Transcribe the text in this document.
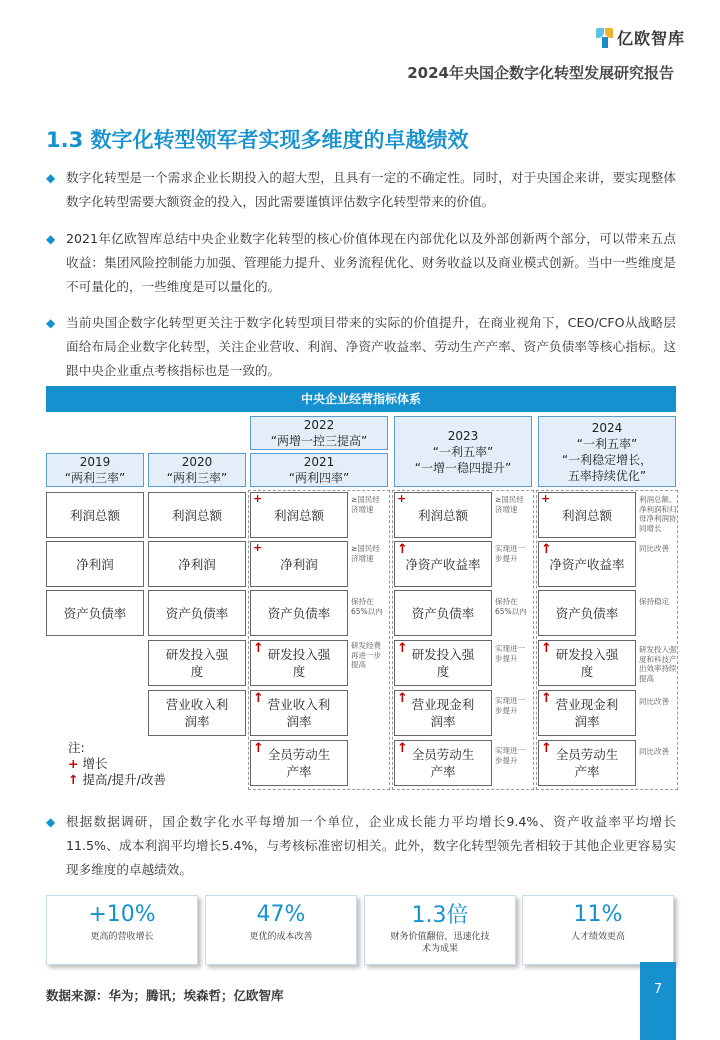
亿欧智库
2024年央国企数字化转型发展研究报告
1.3 数字化转型领军者实现多维度的卓越绩效
◆ 数字化转型是一个需求企业长期投入的超大型，且具有一定的不确定性。同时，对于央国企来讲，要实现整体数字化转型需要大额资金的投入，因此需要谨慎评估数字化转型带来的价值。
◆ 2021年亿欧智库总结中央企业数字化转型的核心价值体现在内部优化以及外部创新两个部分，可以带来五点收益：集团风险控制能力加强、管理能力提升、业务流程优化、财务收益以及商业模式创新。当中一些维度是不可量化的，一些维度是可以量化的。
◆ 当前央国企数字化转型更关注于数字化转型项目带来的实际的价值提升，在商业视角下，CEO/CFO从战略层面给布局企业数字化转型，关注企业营收、利润、净资产收益率、劳动生产产率、资产负债率等核心指标。这跟中央企业重点考核指标也是一致的。
中央企业经营指标体系
2019
“两利三率”
2020
“两利三率”
2022
“两增一控三提高”
2021
“两利四率”
2023
“一利五率”
“一增一稳四提升”
2024
“一利五率”
“一利稳定增长，
五率持续优化”
利润总额
净利润
资产负债率
利润总额
净利润
资产负债率
研发投入强度
营业收入利润率
利润总额
净利润
资产负债率
研发投入强度
营业收入利润率
全员劳动生产率
+
+
↑
↑
↑
≥国民经济增速
≥国民经济增速
保持在65%以内
研发经费再进一步提高
利润总额
净资产收益率
资产负债率
研发投入强度
营业现金利润率
全员劳动生产率
+
↑
↑
↑
↑
≥国民经济增速
实现进一步提升
保持在65%以内
实现进一步提升
实现进一步提升
实现进一步提升
利润总额
净资产收益率
资产负债率
研发投入强度
营业现金利润率
全员劳动生产率
+
↑
↑
↑
↑
利润总额、净利润和归母净利润协同增长
同比改善
保持稳定
研发投入强度和科技产出效率持续提高
同比改善
同比改善
注:
+ 增长
↑ 提高/提升/改善
◆ 根据数据调研，国企数字化水平每增加一个单位，企业成长能力平均增长9.4%、资产收益率平均增长11.5%、成本利润平均增长5.4%，与考核标准密切相关。此外，数字化转型领先者相较于其他企业更容易实现多维度的卓越绩效。
+10%
更高的营收增长
47%
更优的成本改善
1.3倍
财务价值翻倍，迅速化技术为成果
11%
人才绩效更高
数据来源：华为；腾讯；埃森哲；亿欧智库	7
